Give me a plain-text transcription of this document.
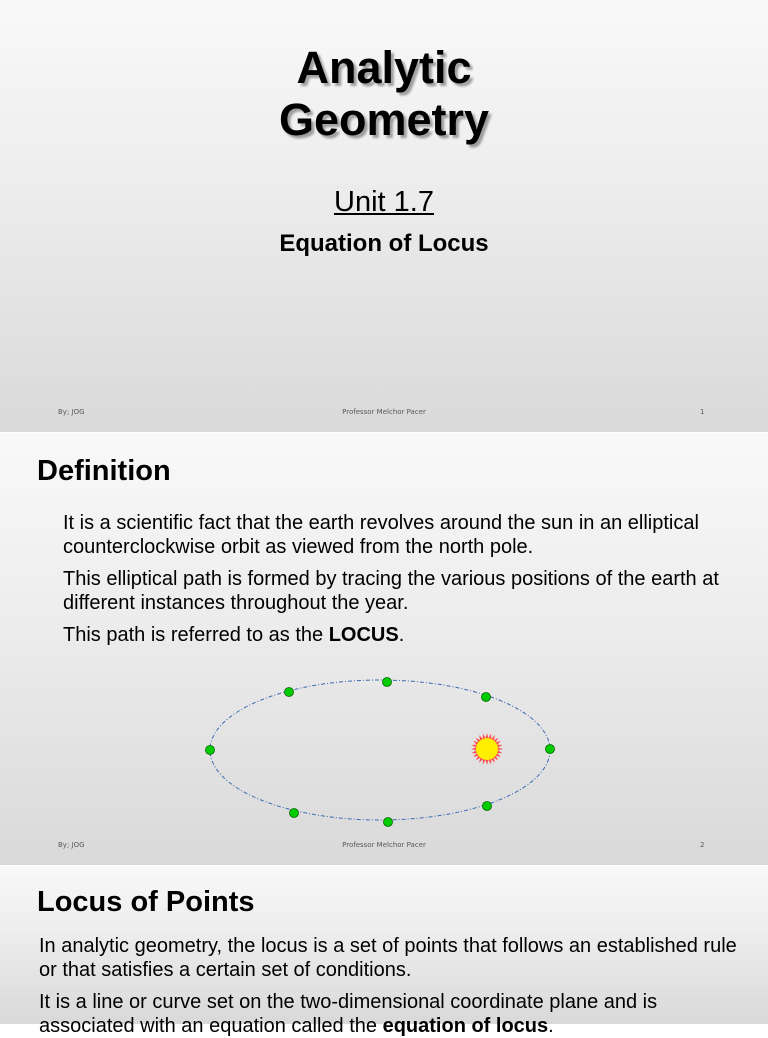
Analytic
Geometry
Unit 1.7
Equation of Locus
By; JOG	Professor Melchor Pacer	1
Definition

It is a scientific fact that the earth revolves around the sun in an elliptical counterclockwise orbit as viewed from the north pole.

This elliptical path is formed by tracing the various positions of the earth at different instances throughout the year.

This path is referred to as the LOCUS.

By; JOG	Professor Melchor Pacer	2
Locus of Points

In analytic geometry, the locus is a set of points that follows an established rule or that satisfies a certain set of conditions.

It is a line or curve set on the two-dimensional coordinate plane and is associated with an equation called the equation of locus.
